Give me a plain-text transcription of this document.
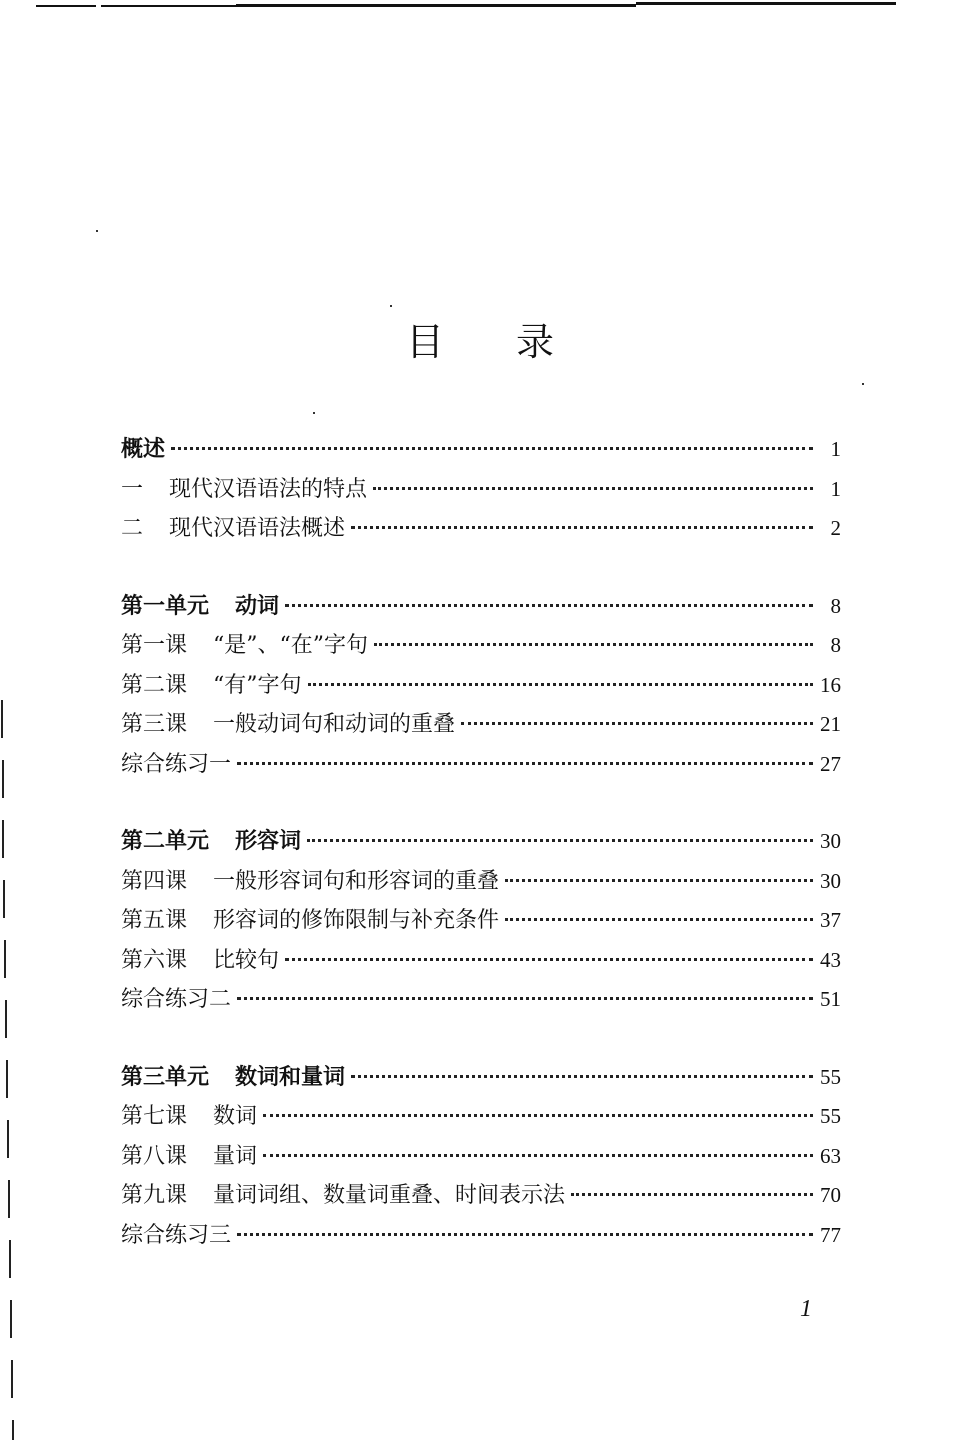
目 录
概述	1
一 现代汉语语法的特点	1
二 现代汉语语法概述	2
第一单元 动词	8
第一课 “是”、“在”字句	8
第二课 “有”字句	16
第三课 一般动词句和动词的重叠	21
综合练习一	27
第二单元 形容词	30
第四课 一般形容词句和形容词的重叠	30
第五课 形容词的修饰限制与补充条件	37
第六课 比较句	43
综合练习二	51
第三单元 数词和量词	55
第七课 数词	55
第八课 量词	63
第九课 量词词组、数量词重叠、时间表示法	70
综合练习三	77
1
